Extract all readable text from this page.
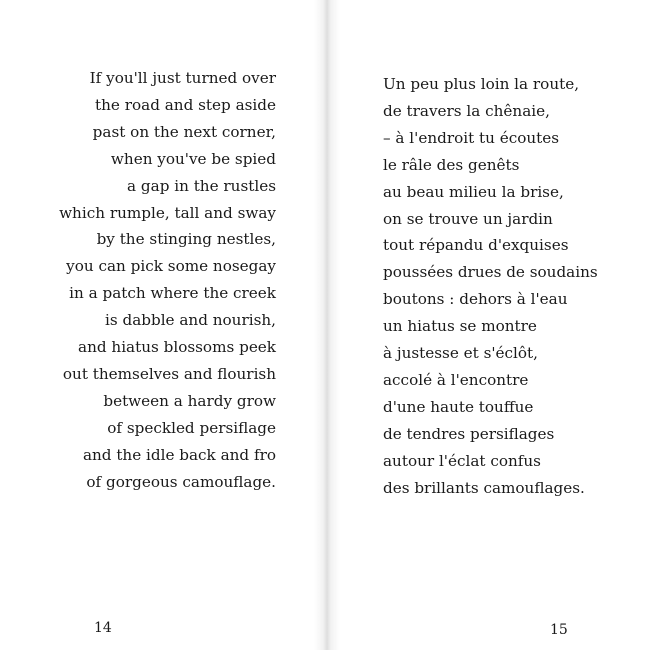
If you'll just turned over
the road and step aside
past on the next corner,
when you've be spied
a gap in the rustles
which rumple, tall and sway
by the stinging nestles,
you can pick some nosegay
in a patch where the creek
is dabble and nourish,
and hiatus blossoms peek
out themselves and flourish
between a hardy grow
of speckled persiflage
and the idle back and fro
of gorgeous camouflage.
14
Un peu plus loin la route,
de travers la chênaie,
– à l'endroit tu écoutes
le râle des genêts
au beau milieu la brise,
on se trouve un jardin
tout répandu d'exquises
poussées drues de soudains
boutons : dehors à l'eau
un hiatus se montre
à justesse et s'éclôt,
accolé à l'encontre
d'une haute touffue
de tendres persiflages
autour l'éclat confus
des brillants camouflages.
15
